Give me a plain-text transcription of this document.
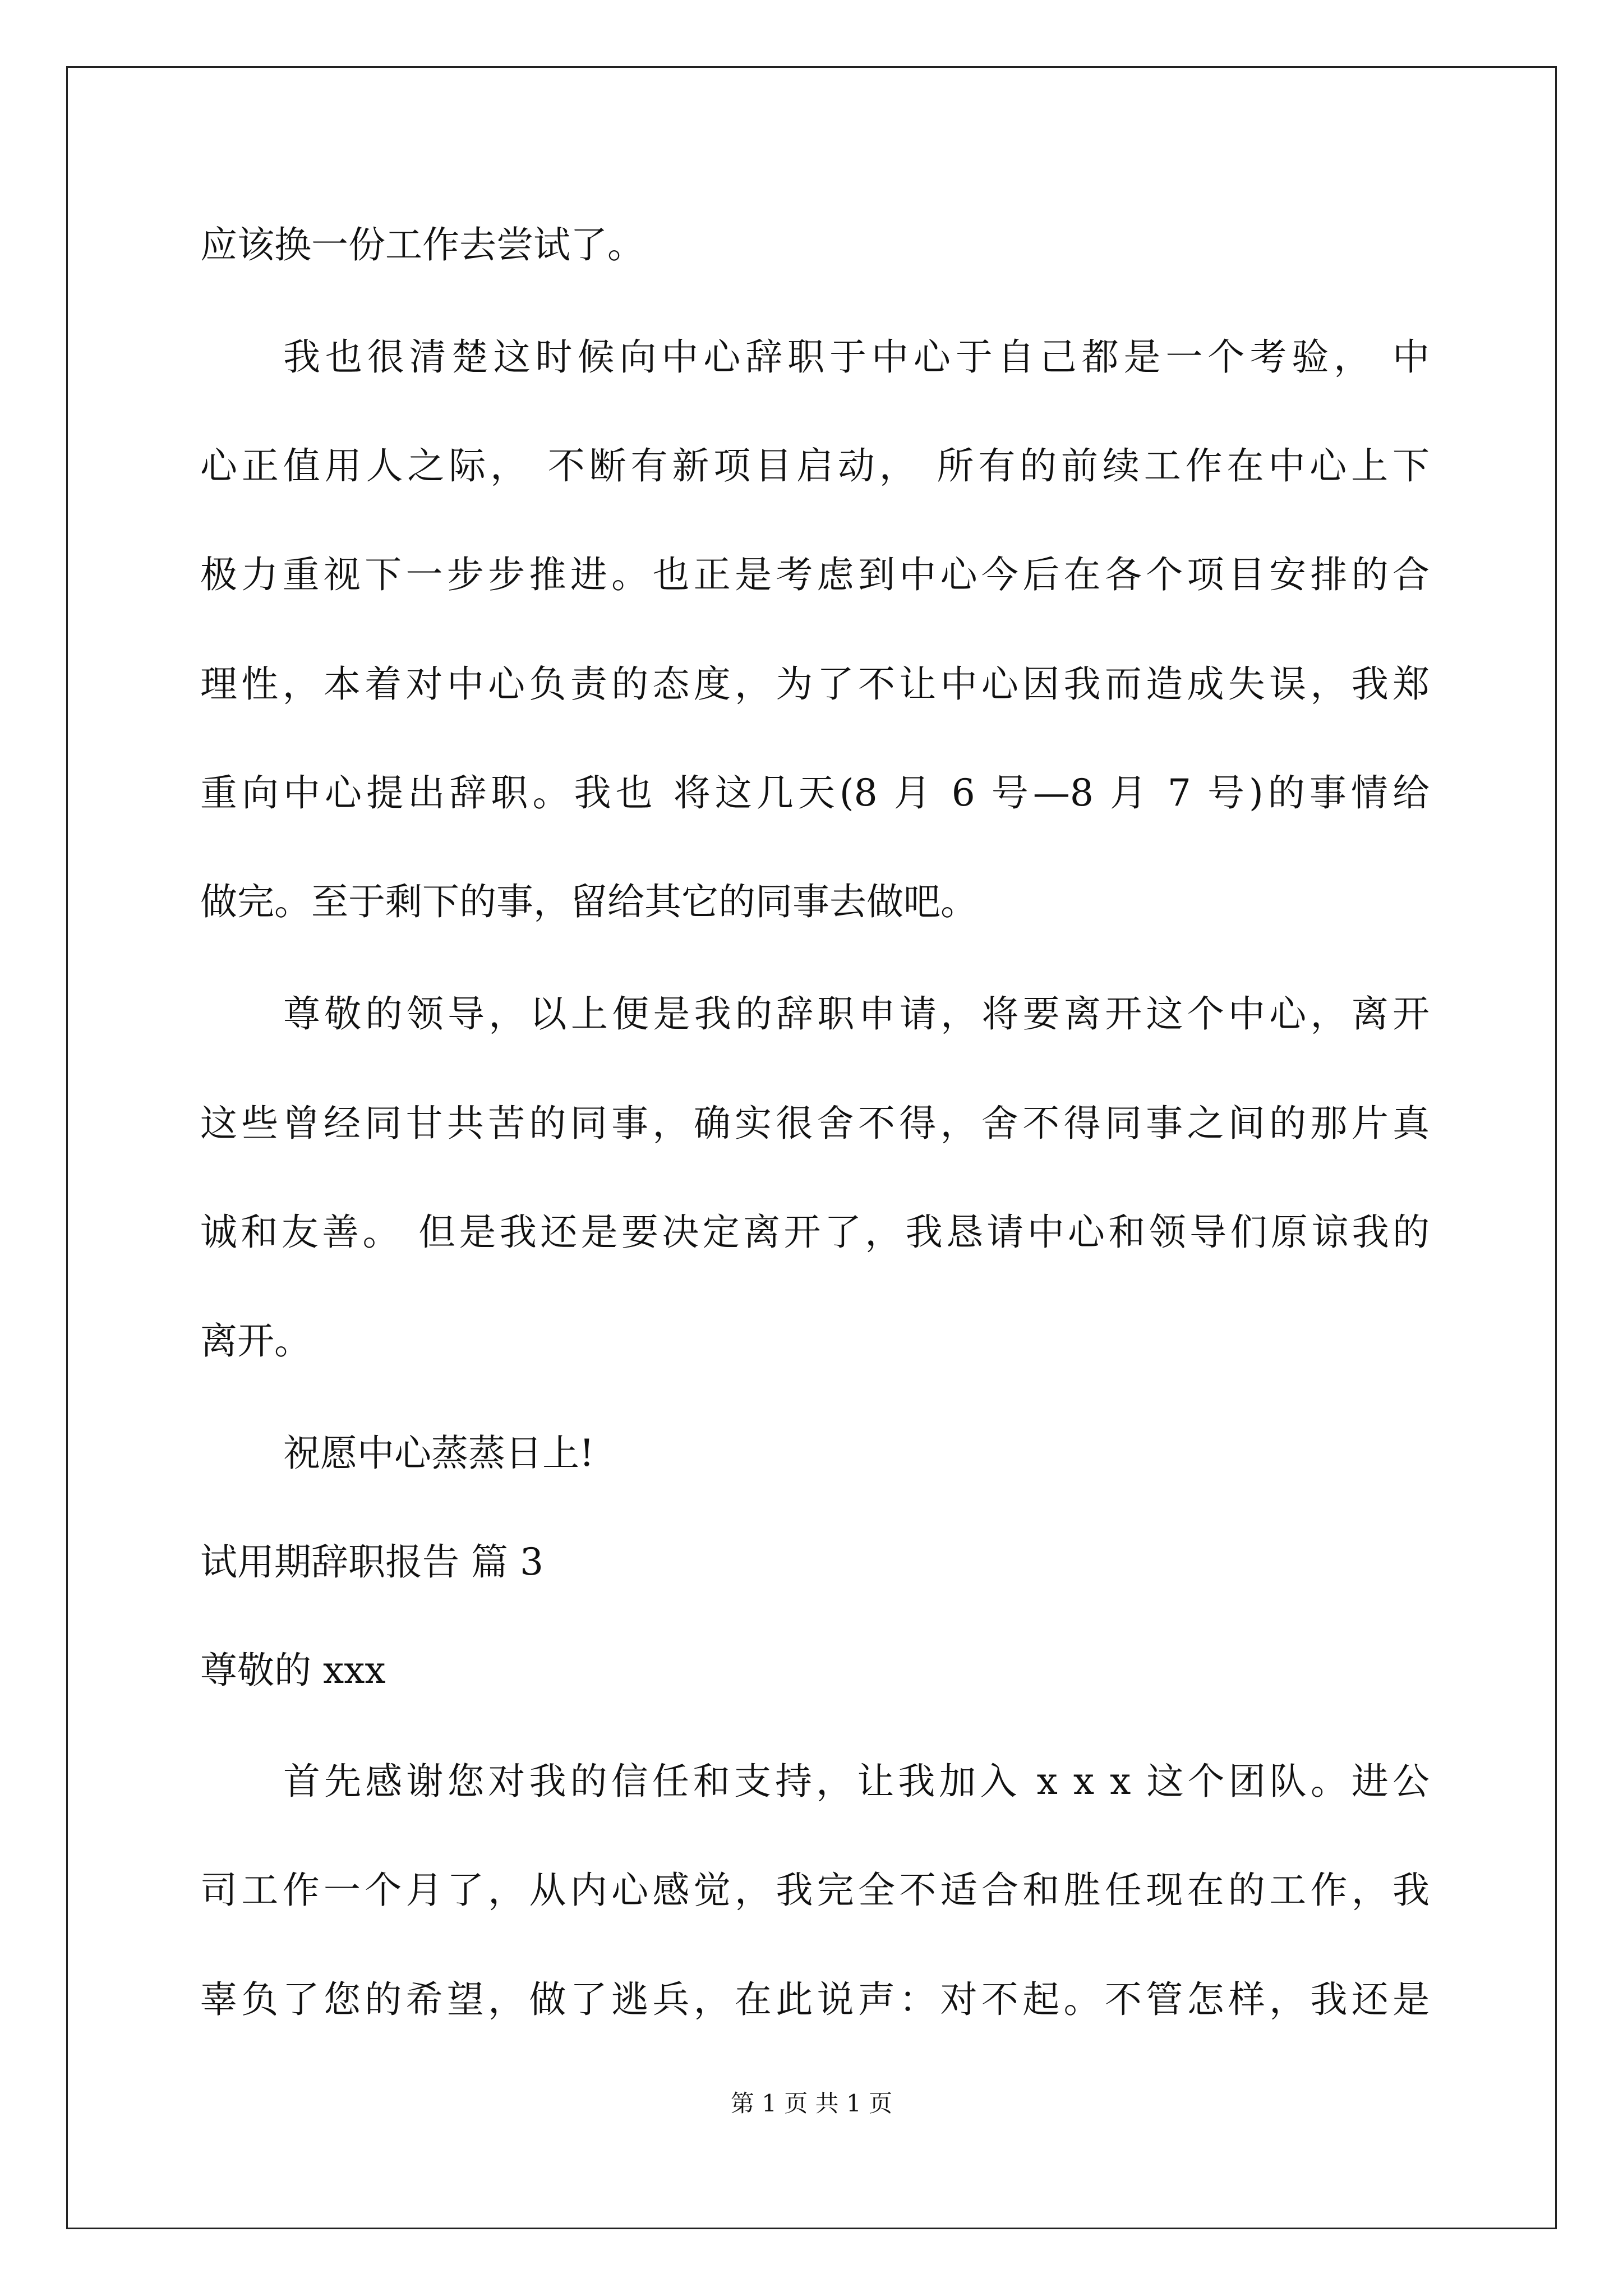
应该换一份工作去尝试了。
我也很清楚这时候向中心辞职于中心于自己都是一个考验， 中
心正值用人之际， 不断有新项目启动， 所有的前续工作在中心上下
极力重视下一步步推进。也正是考虑到中心今后在各个项目安排的合
理性，本着对中心负责的态度，为了不让中心因我而造成失误，我郑
重向中心提出辞职。我也 将这几天(8 月 6 号—8 月 7 号)的事情给
做完。至于剩下的事，留给其它的同事去做吧。
尊敬的领导，以上便是我的辞职申请，将要离开这个中心，离开
这些曾经同甘共苦的同事，确实很舍不得，舍不得同事之间的那片真
诚和友善。 但是我还是要决定离开了，我恳请中心和领导们原谅我的
离开。
祝愿中心蒸蒸日上!
试用期辞职报告 篇 3
尊敬的 xxx
首先感谢您对我的信任和支持，让我加入 x x x 这个团队。进公
司工作一个月了，从内心感觉，我完全不适合和胜任现在的工作，我
辜负了您的希望，做了逃兵，在此说声：对不起。不管怎样，我还是
第 1 页 共 1 页
